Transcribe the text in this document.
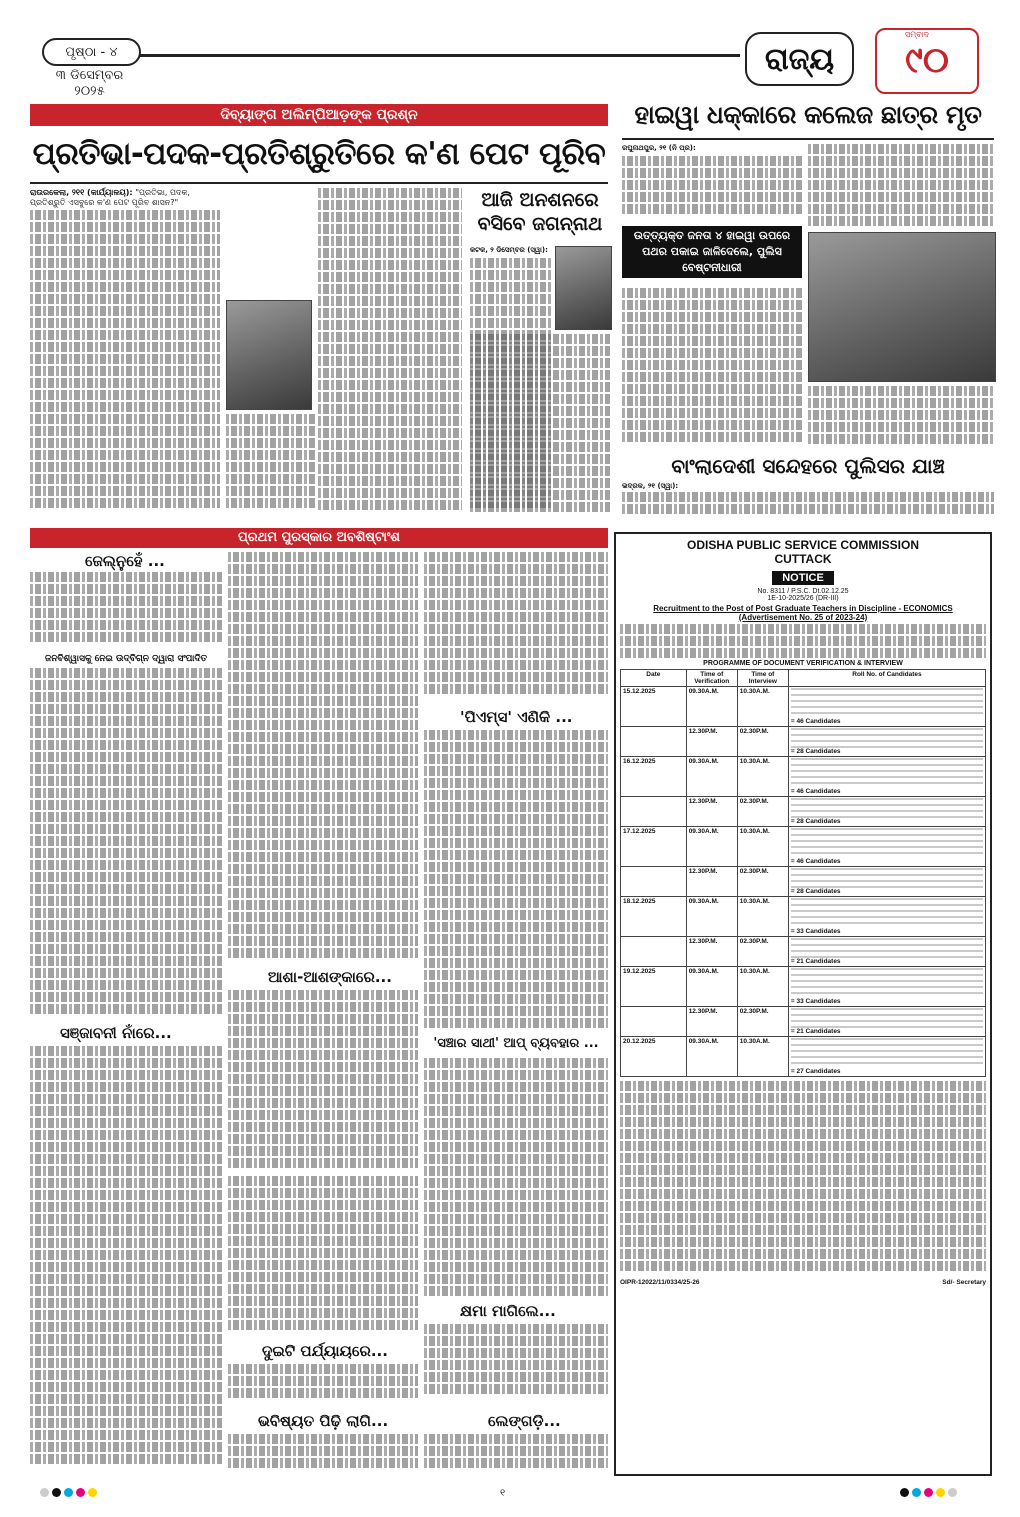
ପୃଷ୍ଠା - ୪
୩ ଡିସେମ୍ବର
୨୦୨୫
ରାଜ୍ୟ	୯୦
ସମ୍ବାଦ
ଦିବ୍ୟାଙ୍ଗ ଅଲିମ୍ପିଆଡ଼ଙ୍କ ପ୍ରଶ୍ନ
ପ୍ରତିଭା-ପଦକ-ପ୍ରତିଶ୍ରୁତିରେ କ'ଣ ପେଟ ପୂରିବ
ରାଉରକେଲା, ୨୧୧ (କାର୍ଯ୍ୟାଳୟ): "ପ୍ରତିଭା, ପଦକ, ପ୍ରତିଶ୍ରୁତି ଏସବୁରେ କ'ଣ ପେଟ ପୂରିବ ଶାସନ?"	ଆଜି ଅନଶନରେ ବସିବେ ଜଗନ୍ନାଥ
କଟକ, ୨ ଡିସେମ୍ବର (ସ୍ୱା):
ହାଇୱା ଧକ୍କାରେ କଲେଜ ଛାତ୍ର ମୃତ
ରଘୁନାଥପୁର, ୨୧ (ନି ପ୍ର):
ଉତ୍ତ୍ୟକ୍ତ ଜନତା ୪ ହାଇୱା ଉପରେ ପଥର ପକାଇ ଜାଳିଦେଲେ, ପୁଲିସ ବେଷ୍ଟନୀଧାରୀ
ବାଂଲାଦେଶୀ ସନ୍ଦେହରେ ପୁଲିସର ଯାଞ୍ଚ
ଭଦ୍ରକ, ୨୧ (ସ୍ୱା):
ପ୍ରଥମ ପୁରସ୍କାର ଅବଶିଷ୍ଟାଂଶ
ଜେଲ୍‌ନୁହେଁ ...
ଜନବିଶ୍ୱାସକୁ ନେଇ ଉଦ୍ବିଗ୍ନ ଦ୍ୱାରା ସଂପାଦିତ
ସଞ୍ଜାବନୀ ନାଁରେ...
ଆଶା-ଆଶଙ୍କାରେ...
ଦୁଇଟି ପର୍ଯ୍ୟାୟରେ...
ଭବିଷ୍ୟତ ପିଢ଼ି ଲାଗି...
'ପିଏମ୍ସ' ଏଣିକି ...
'ସଞ୍ଚାର ସାଥୀ' ଆପ୍ ବ୍ୟବହାର ...
କ୍ଷମା ମାଗିଲେ...
ଲେଙ୍ଗଡ଼ି...
ODISHA PUBLIC SERVICE COMMISSION
CUTTACK
NOTICE
No. 8311 / P.S.C. Dt.02.12.25
1E-10-2025/26 (DR-III)
Recruitment to the Post of Post Graduate Teachers in Discipline - ECONOMICS
(Advertisement No. 25 of 2023-24)
PROGRAMME OF DOCUMENT VERIFICATION & INTERVIEW
Date	Time of Verification	Time of Interview	Roll No. of Candidates
15.12.2025	09.30A.M.	10.30A.M.	= 46 Candidates

	12.30P.M.	02.30P.M.	= 28 Candidates

16.12.2025	09.30A.M.	10.30A.M.	= 46 Candidates

	12.30P.M.	02.30P.M.	= 28 Candidates

17.12.2025	09.30A.M.	10.30A.M.	= 46 Candidates

	12.30P.M.	02.30P.M.	= 28 Candidates

18.12.2025	09.30A.M.	10.30A.M.	= 33 Candidates

	12.30P.M.	02.30P.M.	= 21 Candidates

19.12.2025	09.30A.M.	10.30A.M.	= 33 Candidates

	12.30P.M.	02.30P.M.	= 21 Candidates

20.12.2025	09.30A.M.	10.30A.M.	= 27 Candidates
OIPR-12022/11/0334/25-26	Sd/- Secretary
୧
